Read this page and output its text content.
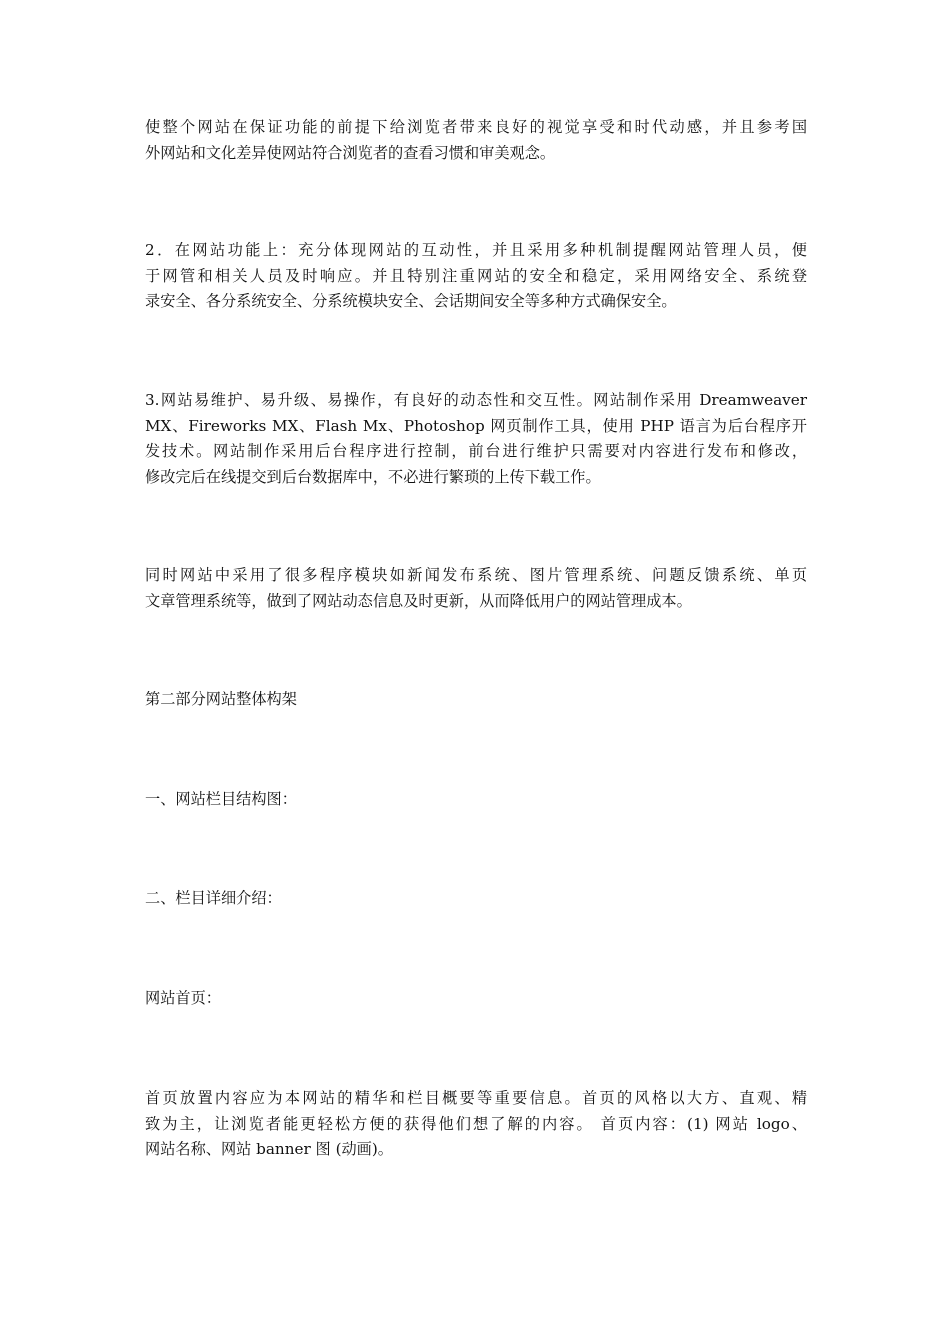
使整个网站在保证功能的前提下给浏览者带来良好的视觉享受和时代动感，并且参考国
外网站和文化差异使网站符合浏览者的查看习惯和审美观念。
2．在网站功能上：充分体现网站的互动性，并且采用多种机制提醒网站管理人员，便
于网管和相关人员及时响应。并且特别注重网站的安全和稳定，采用网络安全、系统登
录安全、各分系统安全、分系统模块安全、会话期间安全等多种方式确保安全。
3.网站易维护、易升级、易操作，有良好的动态性和交互性。网站制作采用 Dreamweaver
MX、Fireworks MX、Flash Mx、Photoshop 网页制作工具，使用 PHP 语言为后台程序开
发技术。网站制作采用后台程序进行控制，前台进行维护只需要对内容进行发布和修改，
修改完后在线提交到后台数据库中，不必进行繁琐的上传下载工作。
同时网站中采用了很多程序模块如新闻发布系统、图片管理系统、问题反馈系统、单页
文章管理系统等，做到了网站动态信息及时更新，从而降低用户的网站管理成本。
第二部分网站整体构架
一、网站栏目结构图：
二、栏目详细介绍：
网站首页：
首页放置内容应为本网站的精华和栏目概要等重要信息。首页的风格以大方、直观、精
致为主，让浏览者能更轻松方便的获得他们想了解的内容。 首页内容：(1) 网站 logo、
网站名称、网站 banner 图 (动画)。
